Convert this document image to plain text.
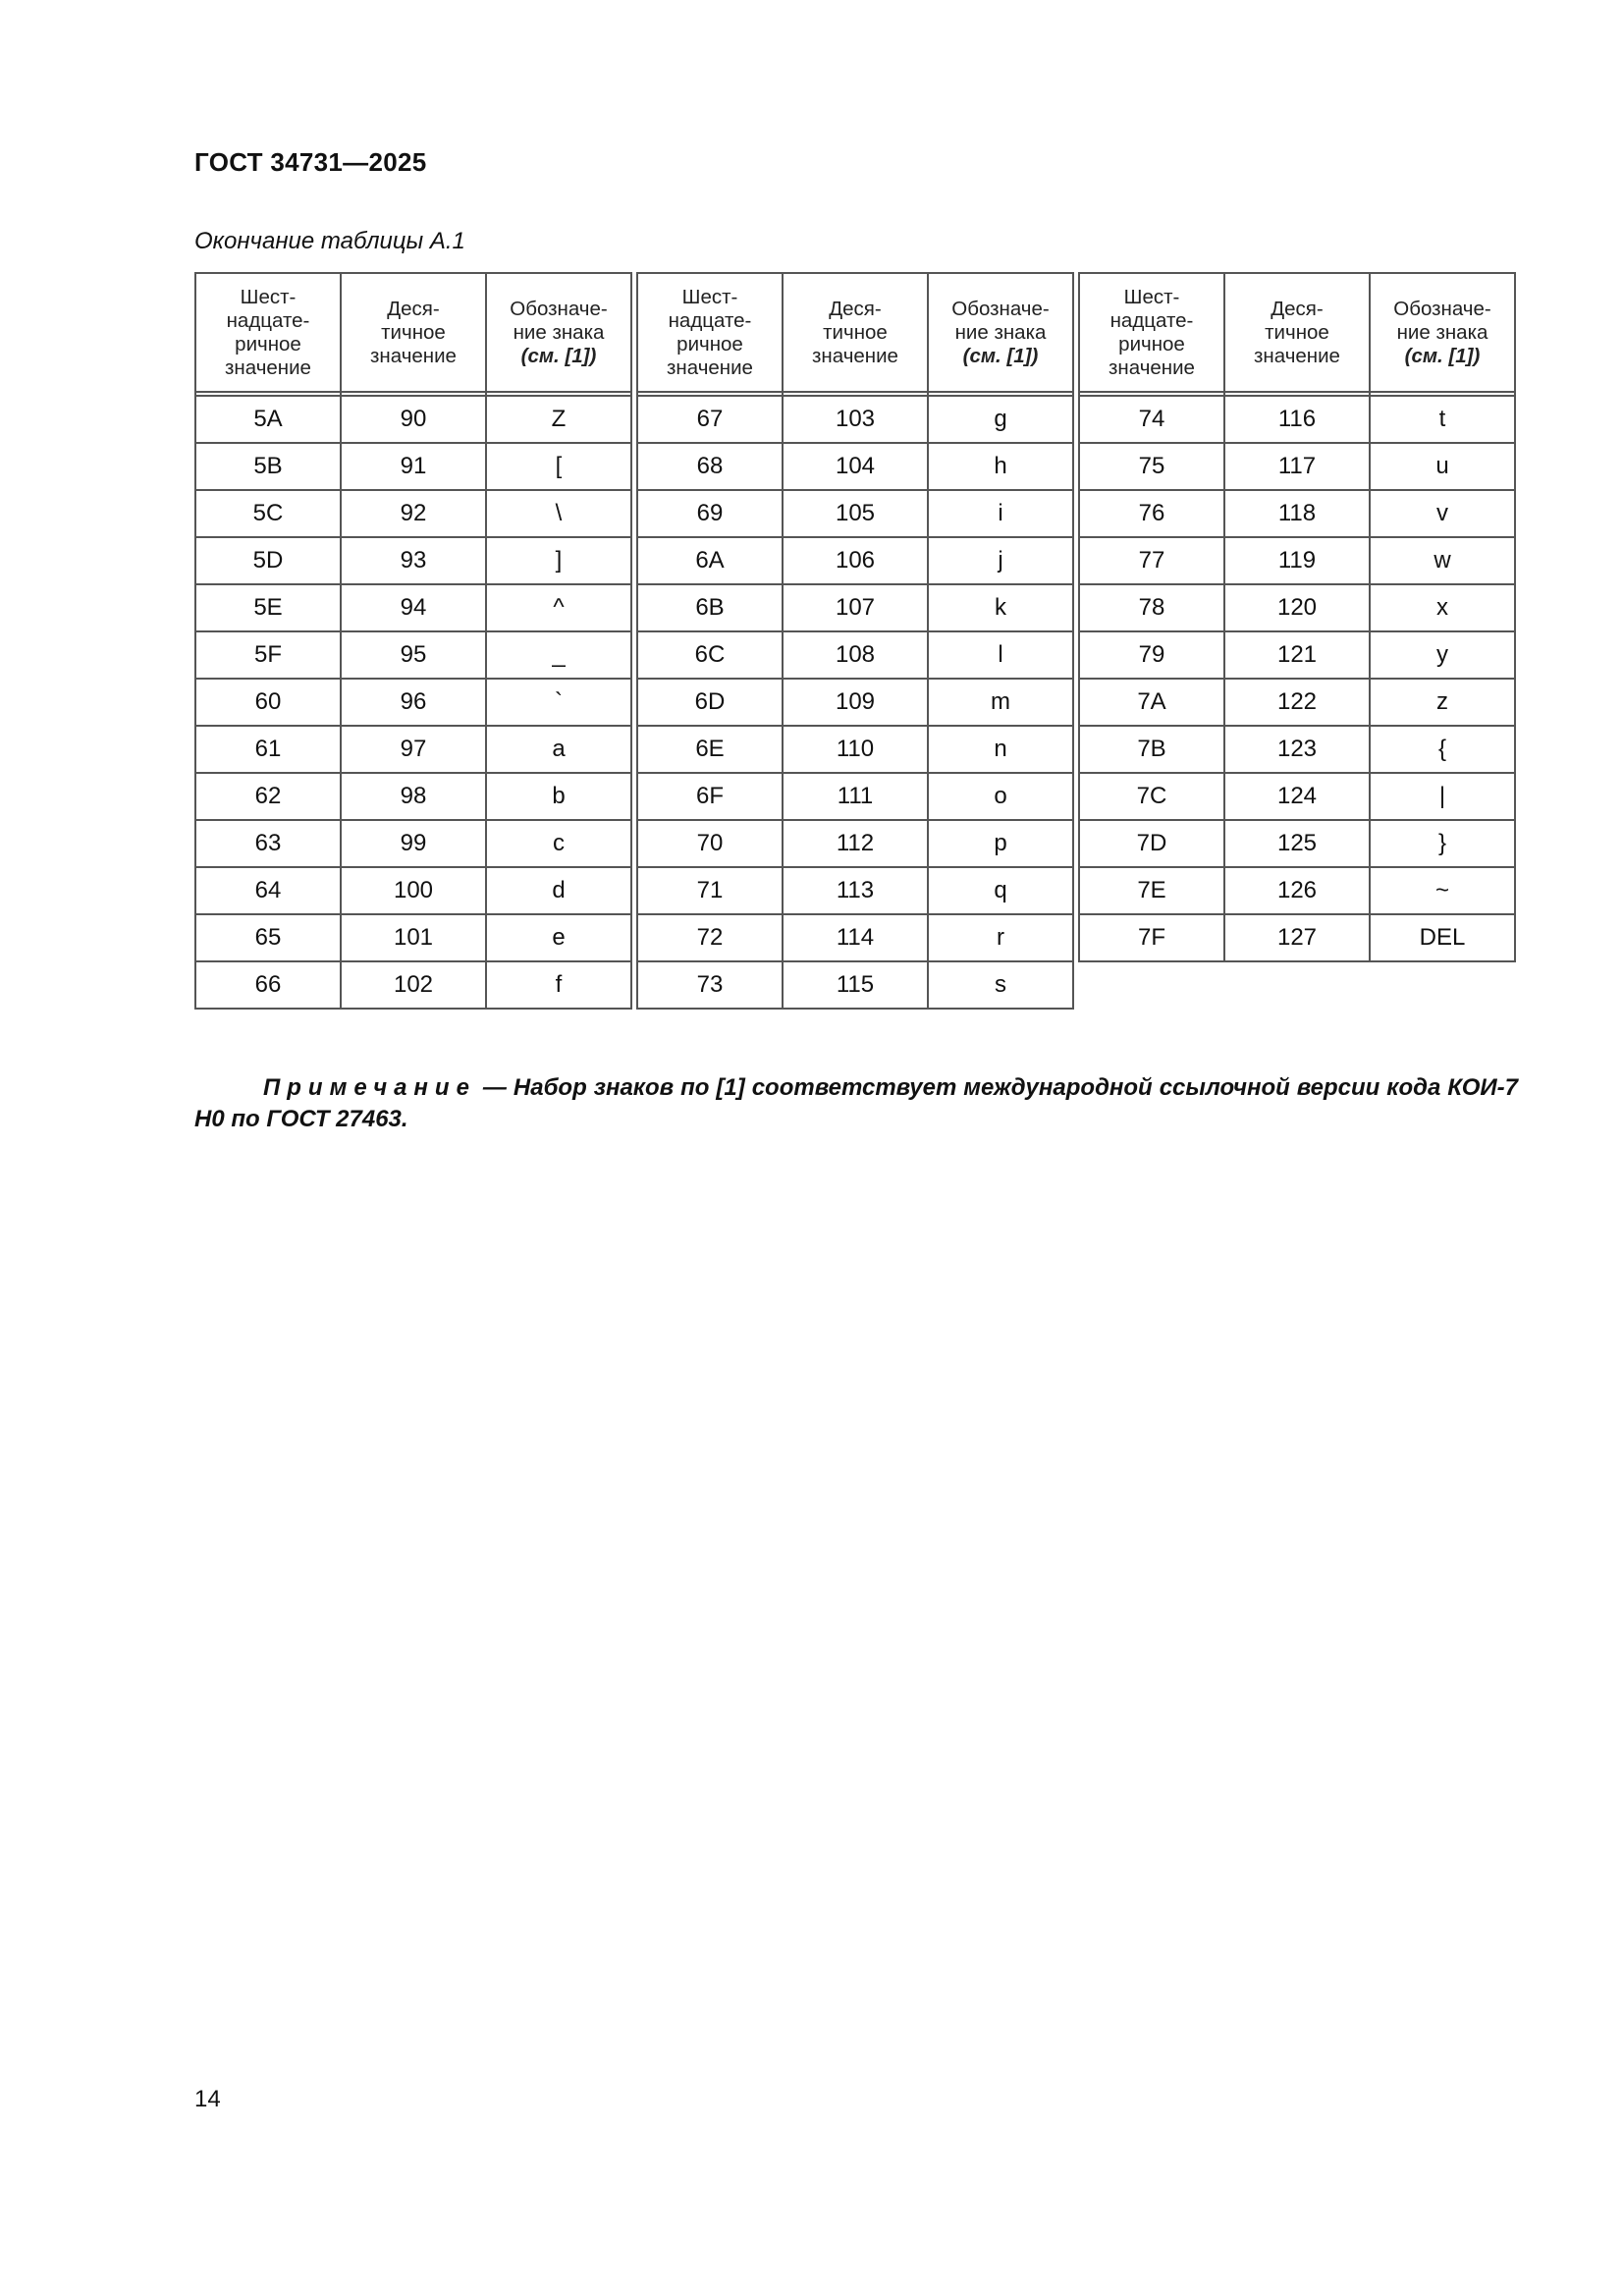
ГОСТ 34731—2025
Окончание таблицы А.1
Шест-
надцате-
ричное
значение	Деся-
тичное
значение	Обозначе-
ние знака
(см. [1])

5A	90	Z
5B	91	[
5C	92	\
5D	93	]
5E	94	^
5F	95	_
60	96	`
61	97	a
62	98	b
63	99	c
64	100	d
65	101	e
66	102	f
Шест-
надцате-
ричное
значение	Деся-
тичное
значение	Обозначе-
ние знака
(см. [1])

67	103	g
68	104	h
69	105	i
6A	106	j
6B	107	k
6C	108	l
6D	109	m
6E	110	n
6F	111	o
70	112	p
71	113	q
72	114	r
73	115	s
Шест-
надцате-
ричное
значение	Деся-
тичное
значение	Обозначе-
ние знака
(см. [1])

74	116	t
75	117	u
76	118	v
77	119	w
78	120	x
79	121	y
7A	122	z
7B	123	{
7C	124	|
7D	125	}
7E	126	~
7F	127	DEL
Примечание — Набор знаков по [1] соответствует международной ссылочной версии кода КОИ-7 Н0 по ГОСТ 27463.
14
